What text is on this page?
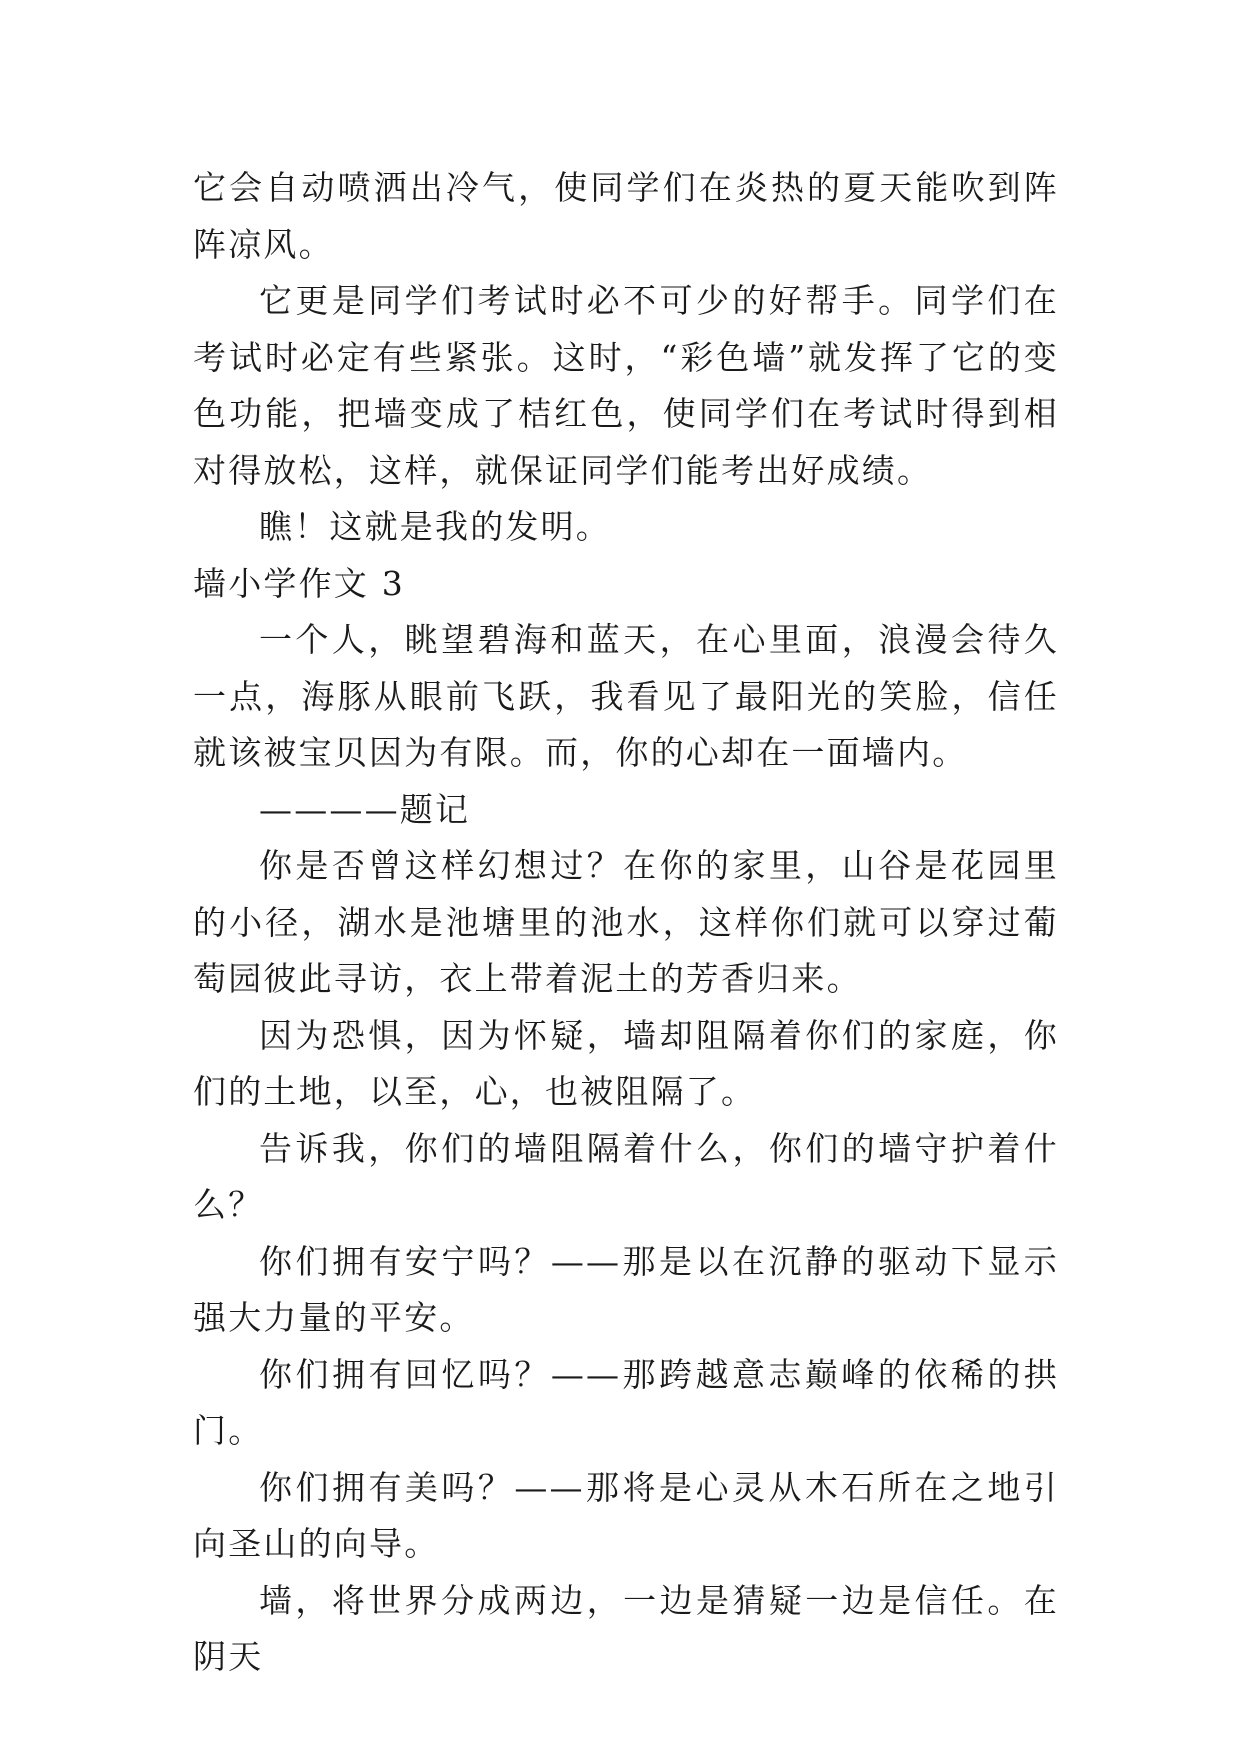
它会自动喷洒出冷气，使同学们在炎热的夏天能吹到阵阵凉风。

它更是同学们考试时必不可少的好帮手。同学们在考试时必定有些紧张。这时，“彩色墙”就发挥了它的变色功能，把墙变成了桔红色，使同学们在考试时得到相对得放松，这样，就保证同学们能考出好成绩。

瞧！这就是我的发明。

墙小学作文 3

一个人，眺望碧海和蓝天，在心里面，浪漫会待久一点，海豚从眼前飞跃，我看见了最阳光的笑脸，信任就该被宝贝因为有限。而，你的心却在一面墙内。

————题记

你是否曾这样幻想过？在你的家里，山谷是花园里的小径，湖水是池塘里的池水，这样你们就可以穿过葡萄园彼此寻访，衣上带着泥土的芳香归来。

因为恐惧，因为怀疑，墙却阻隔着你们的家庭，你们的土地，以至，心，也被阻隔了。

告诉我，你们的墙阻隔着什么，你们的墙守护着什么？

你们拥有安宁吗？——那是以在沉静的驱动下显示强大力量的平安。

你们拥有回忆吗？——那跨越意志巅峰的依稀的拱门。

你们拥有美吗？——那将是心灵从木石所在之地引向圣山的向导。

墙，将世界分成两边，一边是猜疑一边是信任。在阴天
